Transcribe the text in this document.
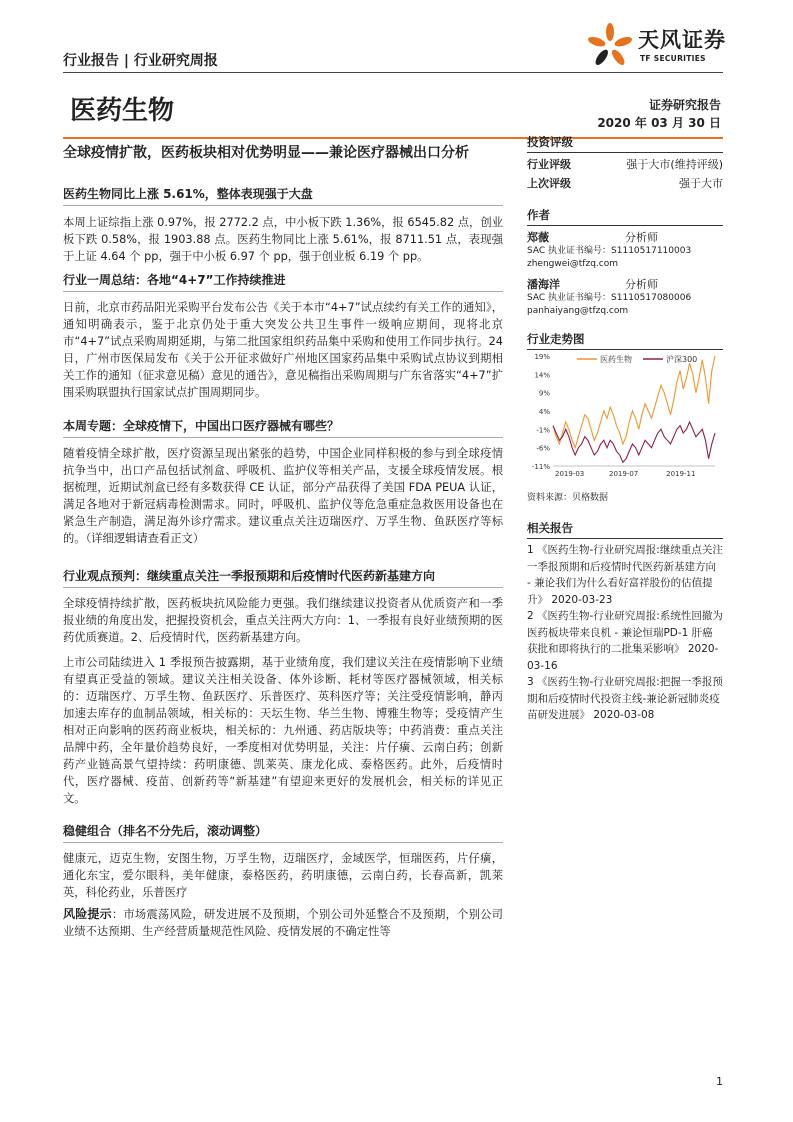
行业报告 | 行业研究周报
天风证券
TF SECURITIES
医药生物	证券研究报告
2020 年 03 月 30 日
全球疫情扩散，医药板块相对优势明显——兼论医疗器械出口分析
医药生物同比上涨 5.61%，整体表现强于大盘

本周上证综指上涨 0.97%，报 2772.2 点，中小板下跌 1.36%，报 6545.82 点，创业板下跌 0.58%，报 1903.88 点。医药生物同比上涨 5.61%，报 8711.51 点，表现强于上证 4.64 个 pp，强于中小板 6.97 个 pp，强于创业板 6.19 个 pp。

行业一周总结：各地“4+7”工作持续推进

日前，北京市药品阳光采购平台发布公告《关于本市“4+7”试点续约有关工作的通知》，通知明确表示，鉴于北京仍处于重大突发公共卫生事件一级响应期间，现将北京市“4+7”试点采购周期延期，与第二批国家组织药品集中采购和使用工作同步执行。24 日，广州市医保局发布《关于公开征求做好广州地区国家药品集中采购试点协议到期相关工作的通知（征求意见稿）意见的通告》，意见稿指出采购周期与广东省落实“4+7”扩围采购联盟执行国家试点扩围周期同步。

本周专题：全球疫情下，中国出口医疗器械有哪些？

随着疫情全球扩散，医疗资源呈现出紧张的趋势，中国企业同样积极的参与到全球疫情抗争当中，出口产品包括试剂盒、呼吸机、监护仪等相关产品，支援全球疫情发展。根据梳理，近期试剂盒已经有多数获得 CE 认证，部分产品获得了美国 FDA PEUA 认证，满足各地对于新冠病毒检测需求。同时，呼吸机、监护仪等危急重症急救医用设备也在紧急生产制造，满足海外诊疗需求。建议重点关注迈瑞医疗、万孚生物、鱼跃医疗等标的。（详细逻辑请查看正文）

行业观点预判：继续重点关注一季报预期和后疫情时代医药新基建方向

全球疫情持续扩散，医药板块抗风险能力更强。我们继续建议投资者从优质资产和一季报业绩的角度出发，把握投资机会，重点关注两大方向：1、一季报有良好业绩预期的医药优质赛道。2、后疫情时代，医药新基建方向。

上市公司陆续进入 1 季报预告披露期，基于业绩角度，我们建议关注在疫情影响下业绩有望真正受益的领域。建议关注相关设备、体外诊断、耗材等医疗器械领域，相关标的：迈瑞医疗、万孚生物、鱼跃医疗、乐普医疗、英科医疗等；关注受疫情影响，静丙加速去库存的血制品领域，相关标的：天坛生物、华兰生物、博雅生物等；受疫情产生相对正向影响的医药商业板块，相关标的：九州通、药店版块等；中药消费：重点关注品牌中药，全年量价趋势良好，一季度相对优势明显，关注：片仔癀、云南白药；创新药产业链高景气望持续：药明康德、凯莱英、康龙化成、泰格医药。此外，后疫情时代，医疗器械、疫苗、创新药等“新基建”有望迎来更好的发展机会，相关标的详见正文。

稳健组合（排名不分先后，滚动调整）

健康元，迈克生物，安图生物，万孚生物，迈瑞医疗，金域医学，恒瑞医药，片仔癀，通化东宝，爱尔眼科，美年健康，泰格医药，药明康德，云南白药，长春高新，凯莱英，科伦药业，乐普医疗

风险提示：市场震荡风险，研发进展不及预期，个别公司外延整合不及预期，个别公司业绩不达预期、生产经营质量规范性风险、疫情发展的不确定性等

投资评级
行业评级	强于大市(维持评级)
上次评级	强于大市
作者
郑薇	分析师
SAC 执业证书编号：S1110517110003
zhengwei@tfzq.com
潘海洋	分析师
SAC 执业证书编号：S1110517080006
panhaiyang@tfzq.com
行业走势图
医药生物	沪深300
19%
14%
9%
4%
-1%
-6%
-11%
2019-03	2019-07	2019-11
资料来源：贝格数据
相关报告
1 《医药生物-行业研究周报:继续重点关注一季报预期和后疫情时代医药新基建方向 - 兼论我们为什么看好富祥股份的估值提升》 2020-03-23
2 《医药生物-行业研究周报:系统性回撤为医药板块带来良机 - 兼论恒瑞PD-1 肝癌获批和即将执行的二批集采影响》 2020-03-16
3 《医药生物-行业研究周报:把握一季报预期和后疫情时代投资主线-兼论新冠肺炎疫苗研发进展》 2020-03-08
1
